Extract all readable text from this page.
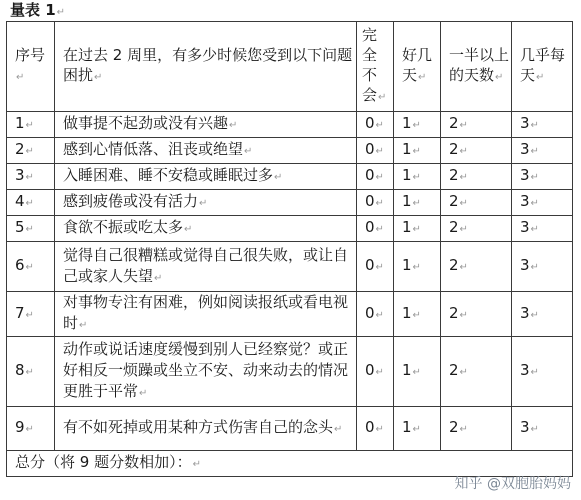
量表 1↵
序号↵	在过去 2 周里，有多少时候您受到以下问题困扰↵	完全不会↵	好几天↵	一半以上的天数↵	几乎每天↵
1↵	做事提不起劲或没有兴趣↵	0↵	1↵	2↵	3↵
2↵	感到心情低落、沮丧或绝望↵	0↵	1↵	2↵	3↵
3↵	入睡困难、睡不安稳或睡眠过多↵	0↵	1↵	2↵	3↵
4↵	感到疲倦或没有活力↵	0↵	1↵	2↵	3↵
5↵	食欲不振或吃太多↵	0↵	1↵	2↵	3↵
6↵	觉得自己很糟糕或觉得自己很失败，或让自己或家人失望↵	0↵	1↵	2↵	3↵
7↵	对事物专注有困难，例如阅读报纸或看电视时↵	0↵	1↵	2↵	3↵
8↵	动作或说话速度缓慢到别人已经察觉？或正好相反一烦躁或坐立不安、动来动去的情况更胜于平常↵	0↵	1↵	2↵	3↵
9↵	有不如死掉或用某种方式伤害自己的念头↵	0↵	1↵	2↵	3↵
总分（将 9 题分数相加）：↵					
知乎 @双胞胎妈妈
